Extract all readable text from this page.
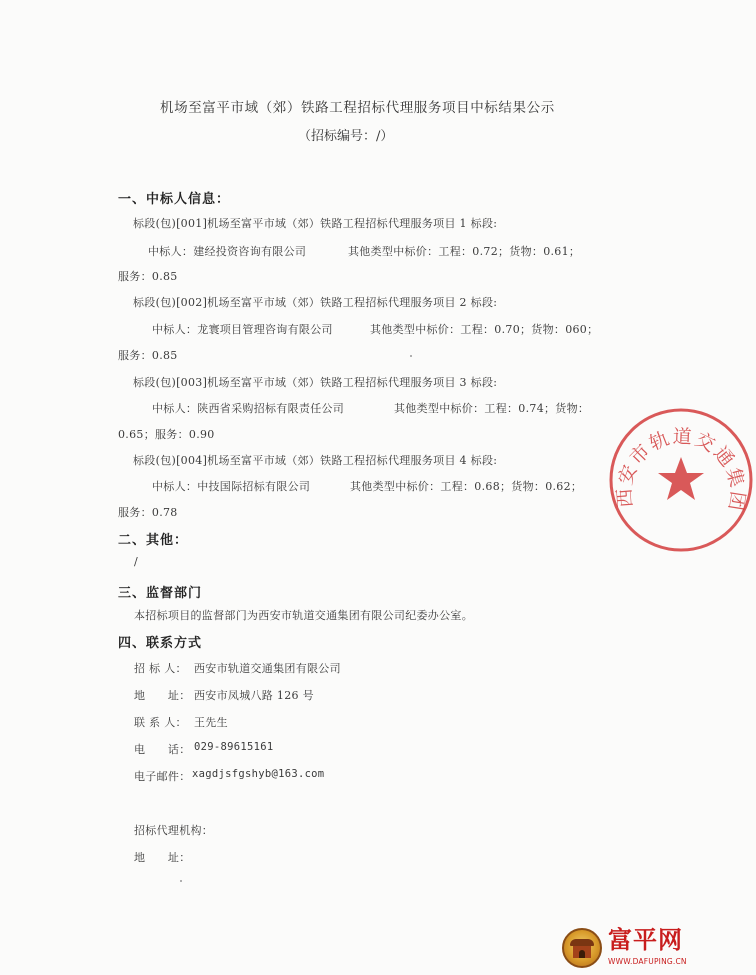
机场至富平市域（郊）铁路工程招标代理服务项目中标结果公示
（招标编号：/）
一、中标人信息：
标段(包)[001]机场至富平市域（郊）铁路工程招标代理服务项目 1 标段:
中标人：建经投资咨询有限公司	其他类型中标价：工程：0.72；货物：0.61；
服务：0.85
标段(包)[002]机场至富平市域（郊）铁路工程招标代理服务项目 2 标段:
中标人：龙寰项目管理咨询有限公司	其他类型中标价：工程：0.70；货物：060；
服务：0.85
标段(包)[003]机场至富平市域（郊）铁路工程招标代理服务项目 3 标段:
中标人：陕西省采购招标有限责任公司	其他类型中标价：工程：0.74；货物：
0.65；服务：0.90
标段(包)[004]机场至富平市域（郊）铁路工程招标代理服务项目 4 标段:
中标人：中技国际招标有限公司	其他类型中标价：工程：0.68；货物：0.62；
服务：0.78
二、其他：
/
三、监督部门
本招标项目的监督部门为西安市轨道交通集团有限公司纪委办公室。
四、联系方式
招 标 人： 西安市轨道交通集团有限公司
地　　址： 西安市凤城八路 126 号
联 系 人： 王先生
电　　话： 029-89615161
电子邮件： xagdjsfgshyb@163.com
招标代理机构：
地　　址：
西安市轨道交通集团
富平网
WWW.DAFUPING.CN
